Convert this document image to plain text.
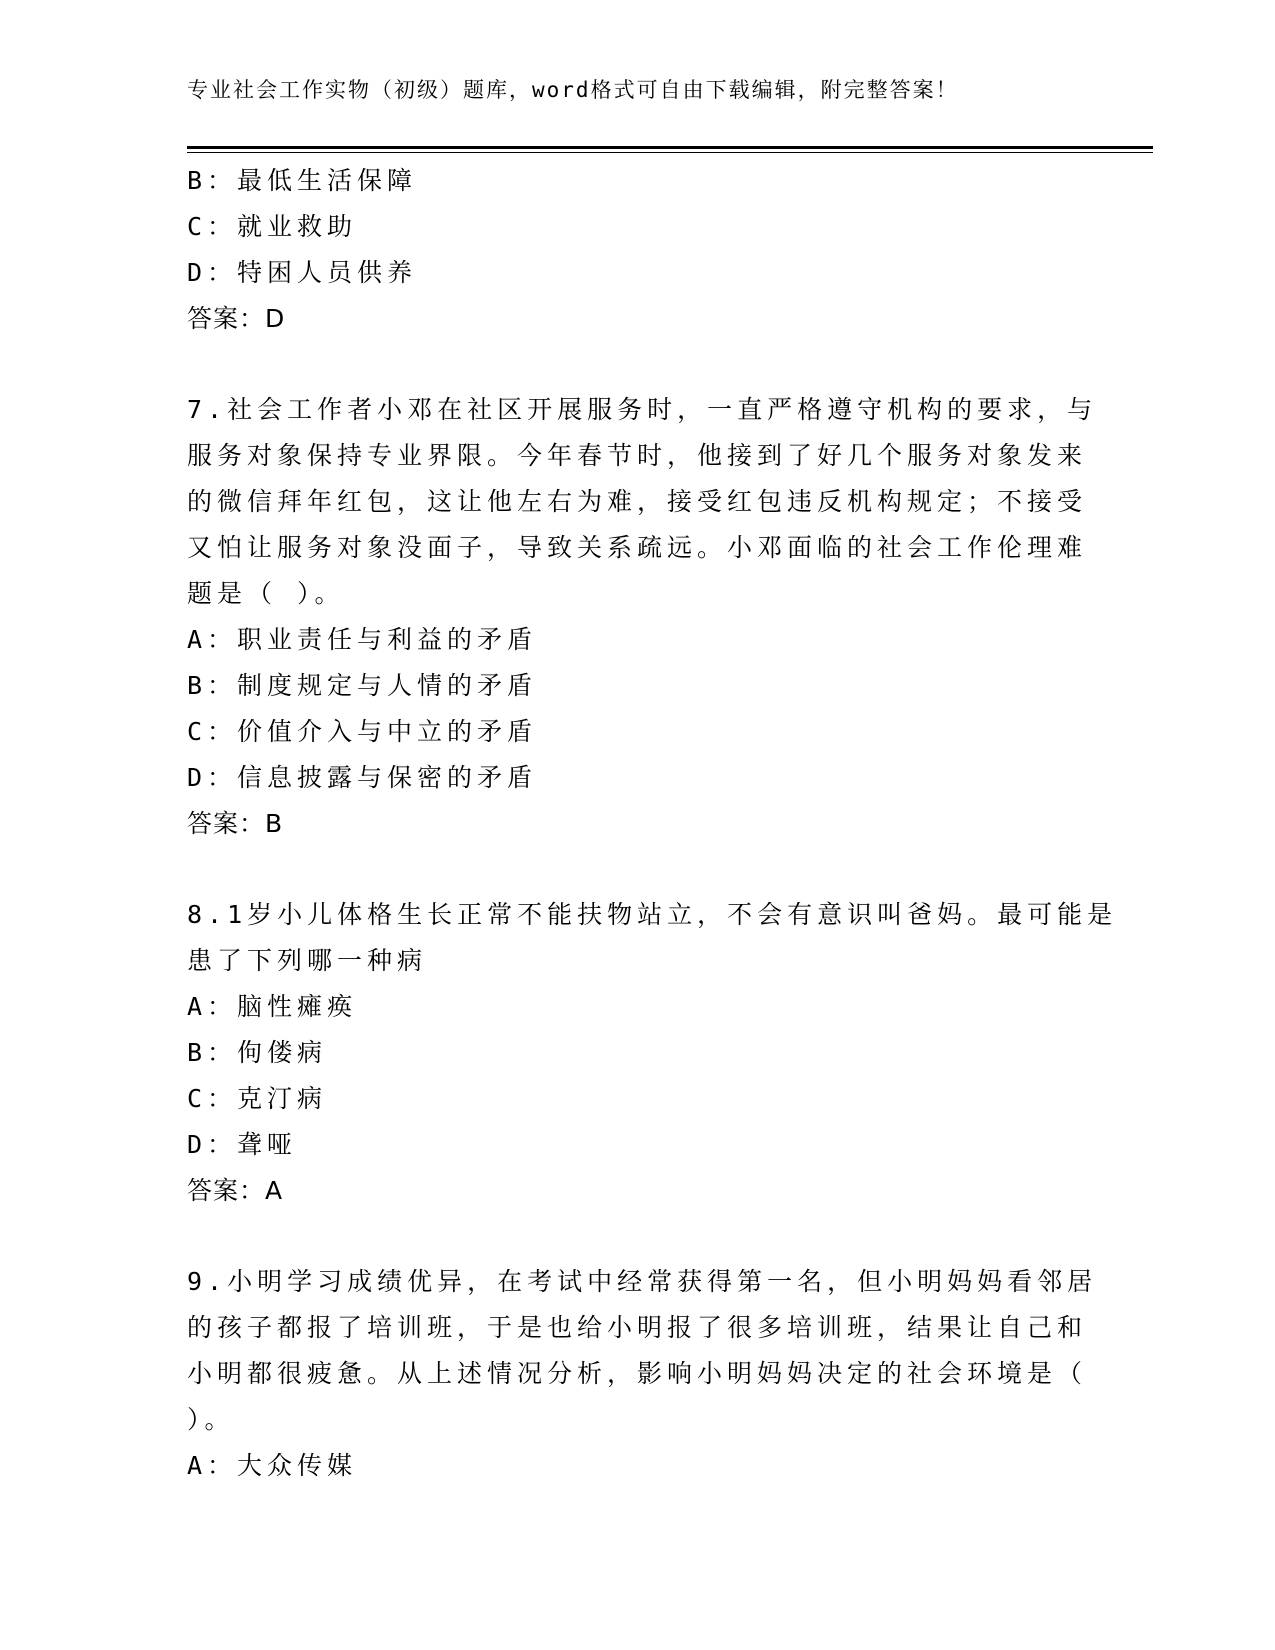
专业社会工作实物（初级）题库，word格式可自由下载编辑，附完整答案！
B：最低生活保障
C：就业救助
D：特困人员供养
答案：D
7.社会工作者小邓在社区开展服务时，一直严格遵守机构的要求，与
服务对象保持专业界限。今年春节时，他接到了好几个服务对象发来
的微信拜年红包，这让他左右为难，接受红包违反机构规定；不接受
又怕让服务对象没面子，导致关系疏远。小邓面临的社会工作伦理难
题是（ ）。
A：职业责任与利益的矛盾
B：制度规定与人情的矛盾
C：价值介入与中立的矛盾
D：信息披露与保密的矛盾
答案：B
8.1岁小儿体格生长正常不能扶物站立，不会有意识叫爸妈。最可能是
患了下列哪一种病
A：脑性瘫痪
B：佝偻病
C：克汀病
D：聋哑
答案：A
9.小明学习成绩优异，在考试中经常获得第一名，但小明妈妈看邻居
的孩子都报了培训班，于是也给小明报了很多培训班，结果让自己和
小明都很疲惫。从上述情况分析，影响小明妈妈决定的社会环境是（
）。
A：大众传媒
